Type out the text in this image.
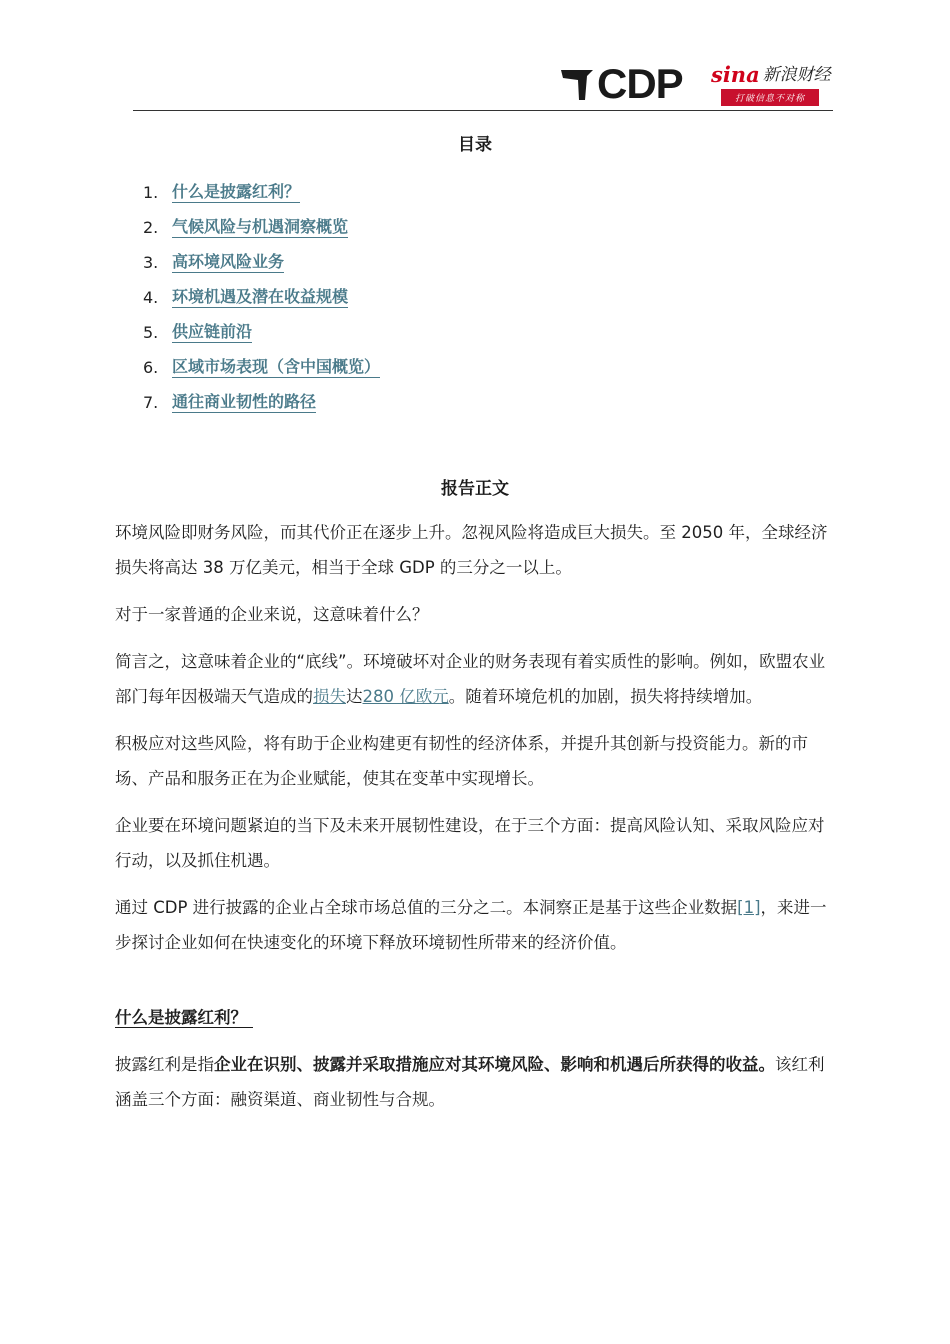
CDP sina 新浪财经
打破信息不对称
目录
1. 什么是披露红利？
2. 气候风险与机遇洞察概览
3. 高环境风险业务
4. 环境机遇及潜在收益规模
5. 供应链前沿
6. 区域市场表现（含中国概览）
7. 通往商业韧性的路径
报告正文

环境风险即财务风险，而其代价正在逐步上升。忽视风险将造成巨大损失。至 2050 年，全球经济损失将高达 38 万亿美元，相当于全球 GDP 的三分之一以上。

对于一家普通的企业来说，这意味着什么？

简言之，这意味着企业的“底线”。环境破坏对企业的财务表现有着实质性的影响。例如，欧盟农业部门每年因极端天气造成的损失达280 亿欧元。随着环境危机的加剧，损失将持续增加。

积极应对这些风险，将有助于企业构建更有韧性的经济体系，并提升其创新与投资能力。新的市场、产品和服务正在为企业赋能，使其在变革中实现增长。

企业要在环境问题紧迫的当下及未来开展韧性建设，在于三个方面：提高风险认知、采取风险应对行动，以及抓住机遇。

通过 CDP 进行披露的企业占全球市场总值的三分之二。本洞察正是基于这些企业数据[1]，来进一步探讨企业如何在快速变化的环境下释放环境韧性所带来的经济价值。

什么是披露红利？

披露红利是指企业在识别、披露并采取措施应对其环境风险、影响和机遇后所获得的收益。该红利涵盖三个方面：融资渠道、商业韧性与合规。
